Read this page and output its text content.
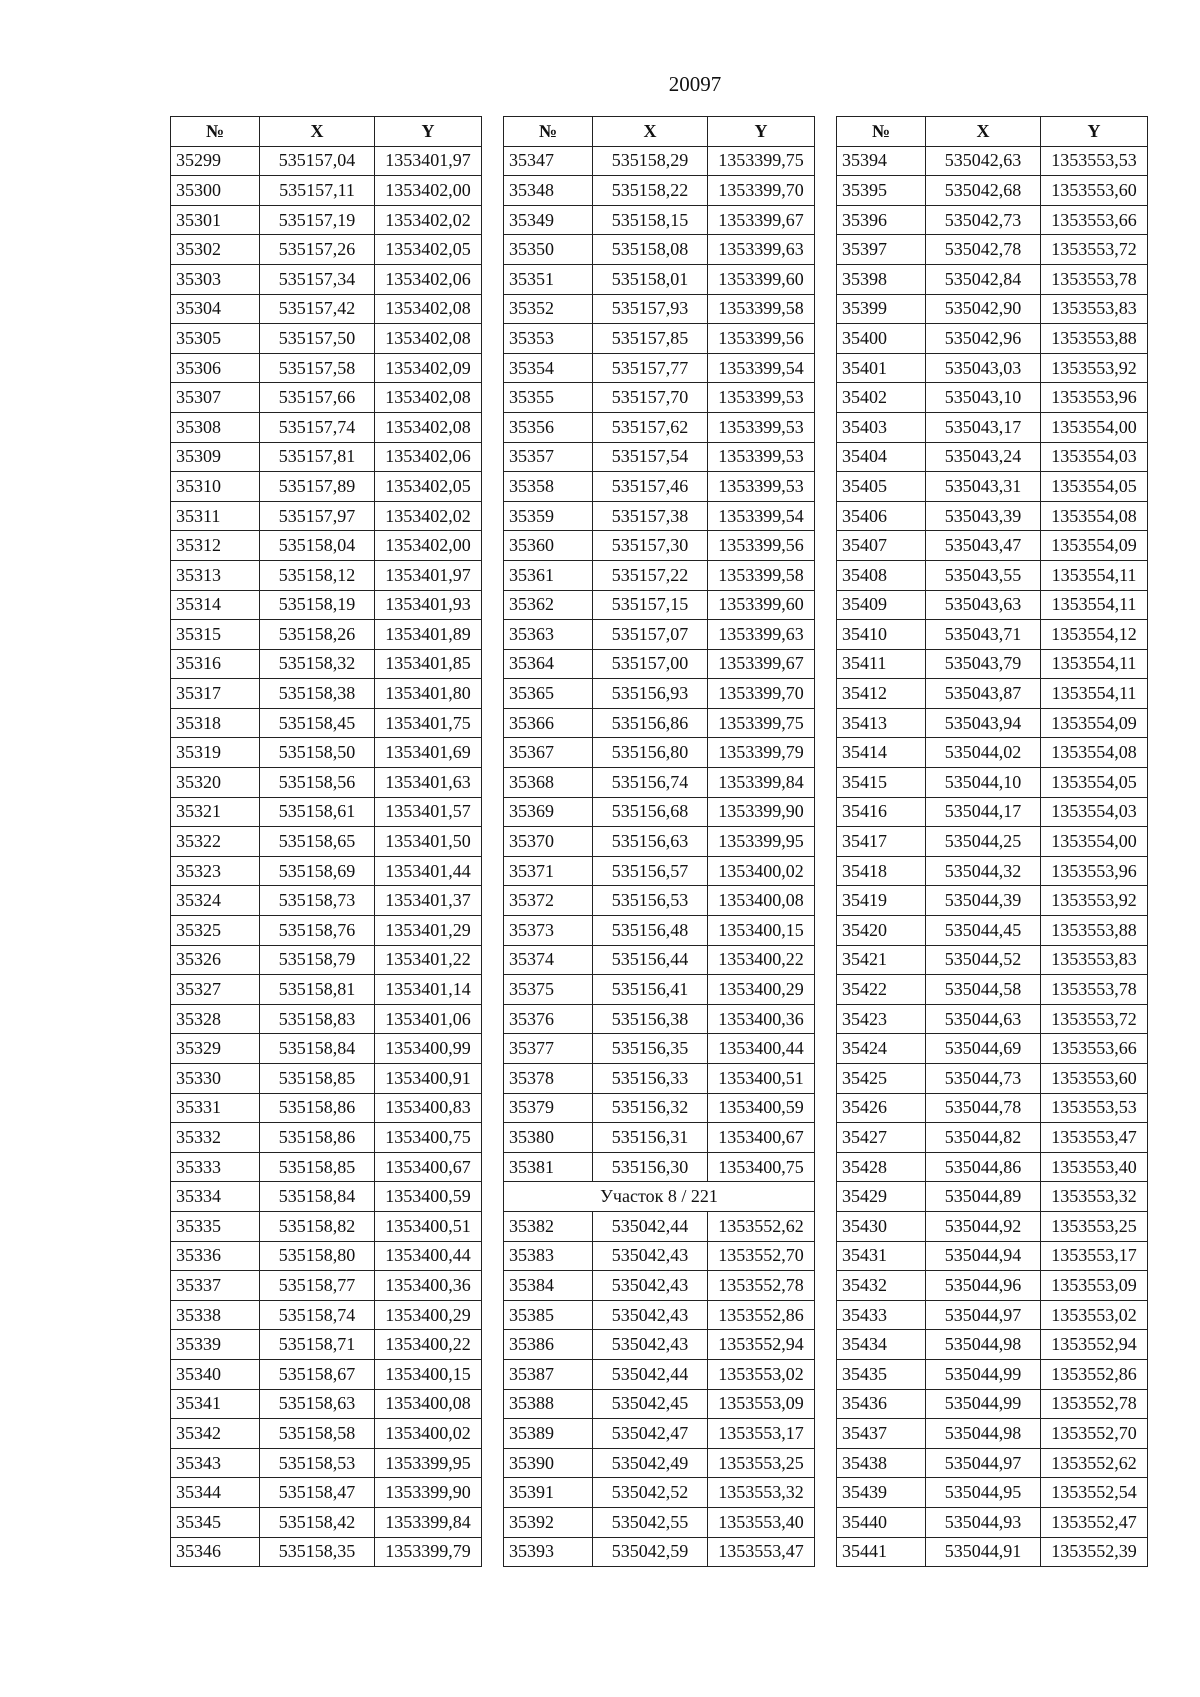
20097
№	X	Y
35299	535157,04	1353401,97
35300	535157,11	1353402,00
35301	535157,19	1353402,02
35302	535157,26	1353402,05
35303	535157,34	1353402,06
35304	535157,42	1353402,08
35305	535157,50	1353402,08
35306	535157,58	1353402,09
35307	535157,66	1353402,08
35308	535157,74	1353402,08
35309	535157,81	1353402,06
35310	535157,89	1353402,05
35311	535157,97	1353402,02
35312	535158,04	1353402,00
35313	535158,12	1353401,97
35314	535158,19	1353401,93
35315	535158,26	1353401,89
35316	535158,32	1353401,85
35317	535158,38	1353401,80
35318	535158,45	1353401,75
35319	535158,50	1353401,69
35320	535158,56	1353401,63
35321	535158,61	1353401,57
35322	535158,65	1353401,50
35323	535158,69	1353401,44
35324	535158,73	1353401,37
35325	535158,76	1353401,29
35326	535158,79	1353401,22
35327	535158,81	1353401,14
35328	535158,83	1353401,06
35329	535158,84	1353400,99
35330	535158,85	1353400,91
35331	535158,86	1353400,83
35332	535158,86	1353400,75
35333	535158,85	1353400,67
35334	535158,84	1353400,59
35335	535158,82	1353400,51
35336	535158,80	1353400,44
35337	535158,77	1353400,36
35338	535158,74	1353400,29
35339	535158,71	1353400,22
35340	535158,67	1353400,15
35341	535158,63	1353400,08
35342	535158,58	1353400,02
35343	535158,53	1353399,95
35344	535158,47	1353399,90
35345	535158,42	1353399,84
35346	535158,35	1353399,79
№	X	Y
35347	535158,29	1353399,75
35348	535158,22	1353399,70
35349	535158,15	1353399,67
35350	535158,08	1353399,63
35351	535158,01	1353399,60
35352	535157,93	1353399,58
35353	535157,85	1353399,56
35354	535157,77	1353399,54
35355	535157,70	1353399,53
35356	535157,62	1353399,53
35357	535157,54	1353399,53
35358	535157,46	1353399,53
35359	535157,38	1353399,54
35360	535157,30	1353399,56
35361	535157,22	1353399,58
35362	535157,15	1353399,60
35363	535157,07	1353399,63
35364	535157,00	1353399,67
35365	535156,93	1353399,70
35366	535156,86	1353399,75
35367	535156,80	1353399,79
35368	535156,74	1353399,84
35369	535156,68	1353399,90
35370	535156,63	1353399,95
35371	535156,57	1353400,02
35372	535156,53	1353400,08
35373	535156,48	1353400,15
35374	535156,44	1353400,22
35375	535156,41	1353400,29
35376	535156,38	1353400,36
35377	535156,35	1353400,44
35378	535156,33	1353400,51
35379	535156,32	1353400,59
35380	535156,31	1353400,67
35381	535156,30	1353400,75
Участок 8 / 221		
35382	535042,44	1353552,62
35383	535042,43	1353552,70
35384	535042,43	1353552,78
35385	535042,43	1353552,86
35386	535042,43	1353552,94
35387	535042,44	1353553,02
35388	535042,45	1353553,09
35389	535042,47	1353553,17
35390	535042,49	1353553,25
35391	535042,52	1353553,32
35392	535042,55	1353553,40
35393	535042,59	1353553,47
№	X	Y
35394	535042,63	1353553,53
35395	535042,68	1353553,60
35396	535042,73	1353553,66
35397	535042,78	1353553,72
35398	535042,84	1353553,78
35399	535042,90	1353553,83
35400	535042,96	1353553,88
35401	535043,03	1353553,92
35402	535043,10	1353553,96
35403	535043,17	1353554,00
35404	535043,24	1353554,03
35405	535043,31	1353554,05
35406	535043,39	1353554,08
35407	535043,47	1353554,09
35408	535043,55	1353554,11
35409	535043,63	1353554,11
35410	535043,71	1353554,12
35411	535043,79	1353554,11
35412	535043,87	1353554,11
35413	535043,94	1353554,09
35414	535044,02	1353554,08
35415	535044,10	1353554,05
35416	535044,17	1353554,03
35417	535044,25	1353554,00
35418	535044,32	1353553,96
35419	535044,39	1353553,92
35420	535044,45	1353553,88
35421	535044,52	1353553,83
35422	535044,58	1353553,78
35423	535044,63	1353553,72
35424	535044,69	1353553,66
35425	535044,73	1353553,60
35426	535044,78	1353553,53
35427	535044,82	1353553,47
35428	535044,86	1353553,40
35429	535044,89	1353553,32
35430	535044,92	1353553,25
35431	535044,94	1353553,17
35432	535044,96	1353553,09
35433	535044,97	1353553,02
35434	535044,98	1353552,94
35435	535044,99	1353552,86
35436	535044,99	1353552,78
35437	535044,98	1353552,70
35438	535044,97	1353552,62
35439	535044,95	1353552,54
35440	535044,93	1353552,47
35441	535044,91	1353552,39
